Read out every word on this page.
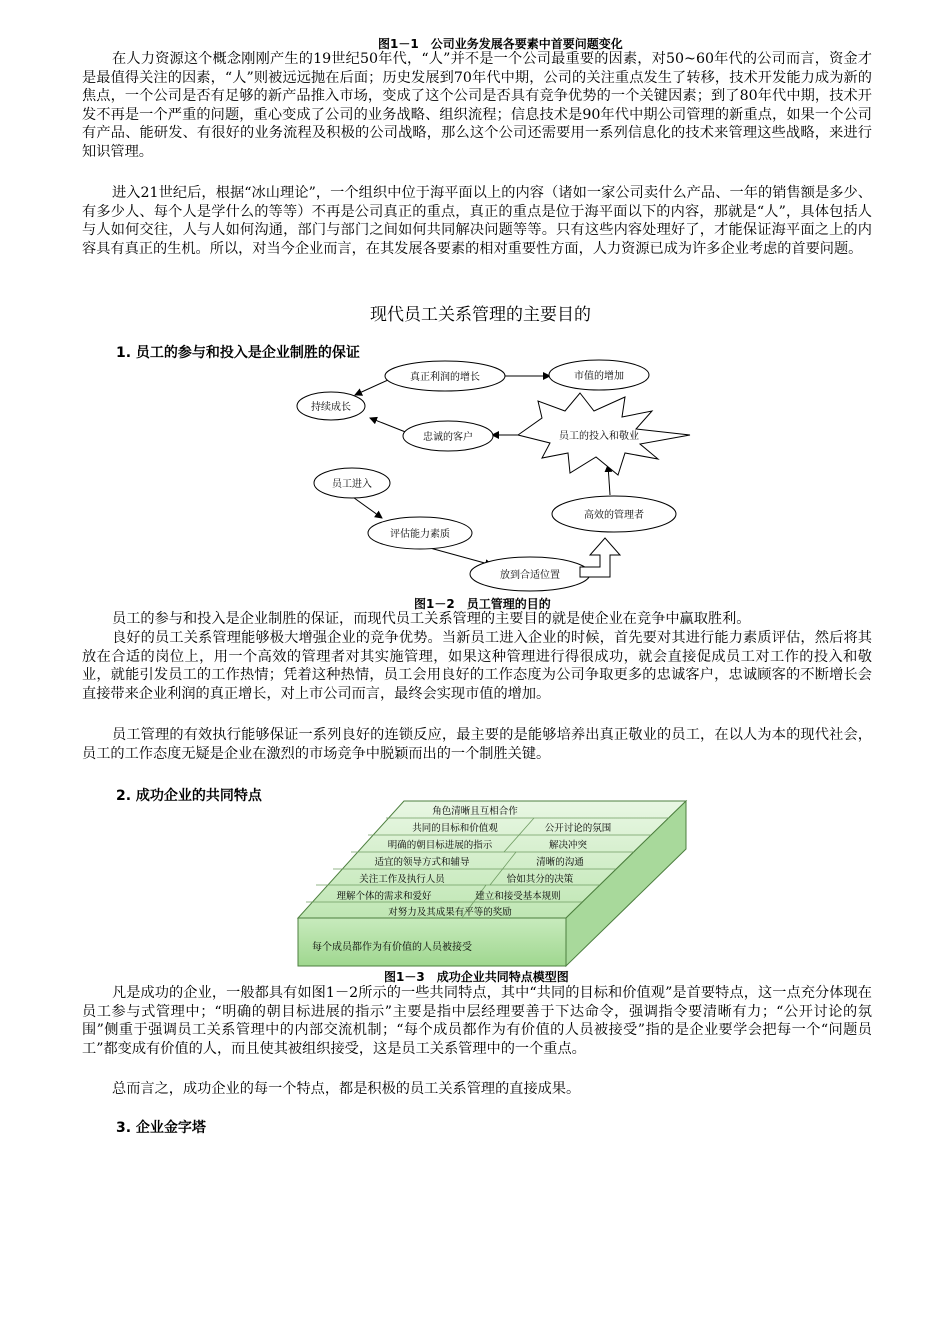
图1－1　公司业务发展各要素中首要问题变化

在人力资源这个概念刚刚产生的19世纪50年代，“人”并不是一个公司最重要的因素，对50~60年代的公司而言，资金才是最值得关注的因素，“人”则被远远抛在后面；历史发展到70年代中期，公司的关注重点发生了转移，技术开发能力成为新的焦点，一个公司是否有足够的新产品推入市场，变成了这个公司是否具有竞争优势的一个关键因素；到了80年代中期，技术开发不再是一个严重的问题，重心变成了公司的业务战略、组织流程；信息技术是90年代中期公司管理的新重点，如果一个公司有产品、能研发、有很好的业务流程及积极的公司战略，那么这个公司还需要用一系列信息化的技术来管理这些战略，来进行知识管理。

进入21世纪后，根据“冰山理论”，一个组织中位于海平面以上的内容（诸如一家公司卖什么产品、一年的销售额是多少、有多少人、每个人是学什么的等等）不再是公司真正的重点，真正的重点是位于海平面以下的内容，那就是“人”，具体包括人与人如何交往，人与人如何沟通，部门与部门之间如何共同解决问题等等。只有这些内容处理好了，才能保证海平面之上的内容具有真正的生机。所以，对当今企业而言，在其发展各要素的相对重要性方面，人力资源已成为许多企业考虑的首要问题。

现代员工关系管理的主要目的
1. 员工的参与和投入是企业制胜的保证
真正利润的增长	市值的增加
持续成长
忠诚的客户	员工的投入和敬业
员工进入
评估能力素质
高效的管理者
放到合适位置
图1－2　员工管理的目的

员工的参与和投入是企业制胜的保证，而现代员工关系管理的主要目的就是使企业在竞争中赢取胜利。

良好的员工关系管理能够极大增强企业的竞争优势。当新员工进入企业的时候，首先要对其进行能力素质评估，然后将其放在合适的岗位上，用一个高效的管理者对其实施管理，如果这种管理进行得很成功，就会直接促成员工对工作的投入和敬业，就能引发员工的工作热情；凭着这种热情，员工会用良好的工作态度为公司争取更多的忠诚客户，忠诚顾客的不断增长会直接带来企业利润的真正增长，对上市公司而言，最终会实现市值的增加。

员工管理的有效执行能够保证一系列良好的连锁反应，最主要的是能够培养出真正敬业的员工，在以人为本的现代社会，员工的工作态度无疑是企业在激烈的市场竞争中脱颖而出的一个制胜关键。

2. 成功企业的共同特点
角色清晰且互相合作
共同的目标和价值观	公开讨论的氛围
明确的朝目标进展的指示	解决冲突
适宜的领导方式和辅导	清晰的沟通
关注工作及执行人员	恰如其分的决策
理解个体的需求和爱好	建立和接受基本规则
对努力及其成果有平等的奖励
每个成员都作为有价值的人员被接受
图1－3　成功企业共同特点模型图

凡是成功的企业，一般都具有如图1－2所示的一些共同特点，其中“共同的目标和价值观”是首要特点，这一点充分体现在员工参与式管理中；“明确的朝目标进展的指示”主要是指中层经理要善于下达命令，强调指令要清晰有力；“公开讨论的氛围”侧重于强调员工关系管理中的内部交流机制；“每个成员都作为有价值的人员被接受”指的是企业要学会把每一个“问题员工”都变成有价值的人，而且使其被组织接受，这是员工关系管理中的一个重点。

总而言之，成功企业的每一个特点，都是积极的员工关系管理的直接成果。

3. 企业金字塔
